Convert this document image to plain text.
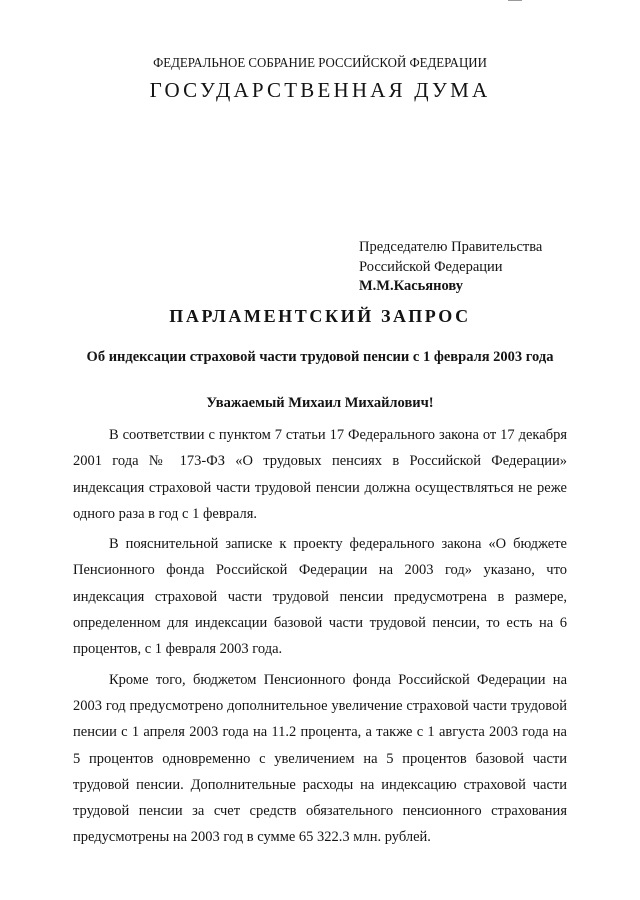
ФЕДЕРАЛЬНОЕ СОБРАНИЕ РОССИЙСКОЙ ФЕДЕРАЦИИ
ГОСУДАРСТВЕННАЯ ДУМА
Председателю Правительства
Российской Федерации
М.М.Касьянову
ПАРЛАМЕНТСКИЙ ЗАПРОС
Об индексации страховой части трудовой пенсии с 1 февраля 2003 года
Уважаемый Михаил Михайлович!

В соответствии с пунктом 7 статьи 17 Федерального закона от 17 декабря 2001 года № 173-ФЗ «О трудовых пенсиях в Российской Федерации» индексация страховой части трудовой пенсии должна осуществляться не реже одного раза в год с 1 февраля.

В пояснительной записке к проекту федерального закона «О бюджете Пенсионного фонда Российской Федерации на 2003 год» указано, что индексация страховой части трудовой пенсии предусмотрена в размере, определенном для индексации базовой части трудовой пенсии, то есть на 6 процентов, с 1 февраля 2003 года.

Кроме того, бюджетом Пенсионного фонда Российской Федерации на 2003 год предусмотрено дополнительное увеличение страховой части трудовой пенсии с 1 апреля 2003 года на 11.2 процента, а также с 1 августа 2003 года на 5 процентов одновременно с увеличением на 5 процентов базовой части трудовой пенсии. Дополнительные расходы на индексацию страховой части трудовой пенсии за счет средств обязательного пенсионного страхования предусмотрены на 2003 год в сумме 65 322.3 млн. рублей.
